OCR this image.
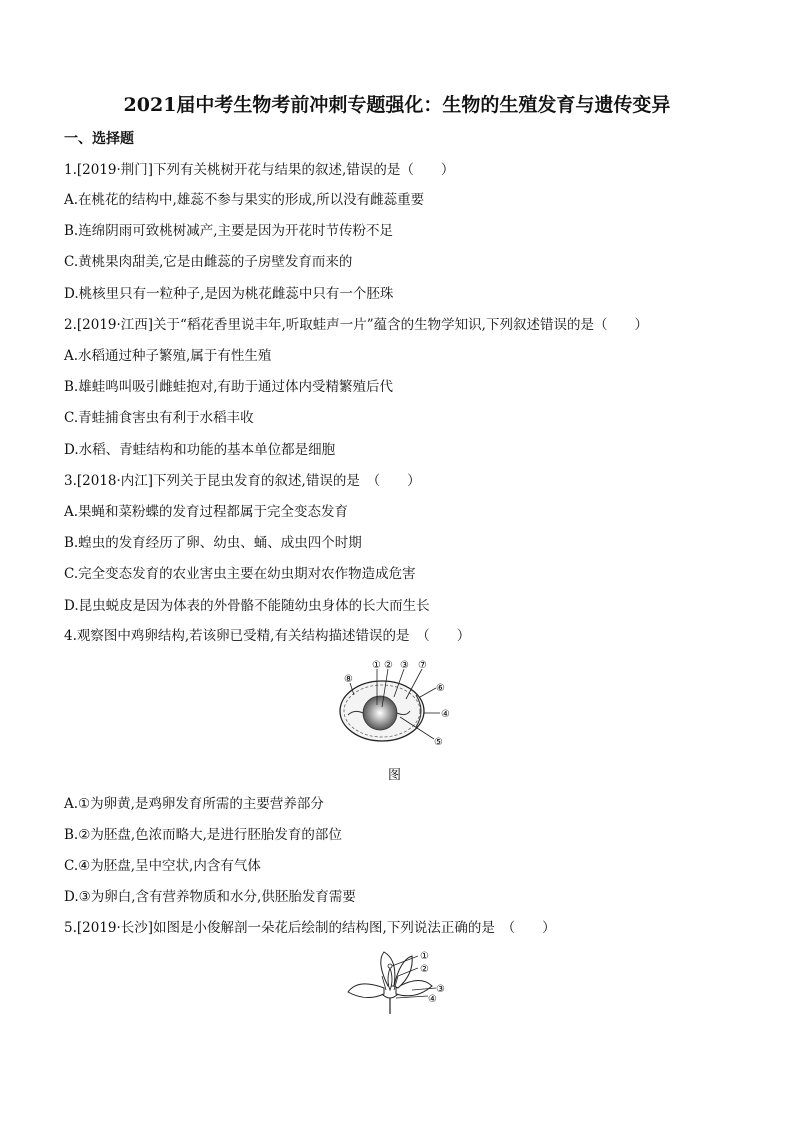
2021届中考生物考前冲刺专题强化：生物的生殖发育与遗传变异
一、选择题
1.[2019·荆门]下列有关桃树开花与结果的叙述,错误的是（　　）
A.在桃花的结构中,雄蕊不参与果实的形成,所以没有雌蕊重要
B.连绵阴雨可致桃树减产,主要是因为开花时节传粉不足
C.黄桃果肉甜美,它是由雌蕊的子房壁发育而来的
D.桃核里只有一粒种子,是因为桃花雌蕊中只有一个胚珠
2.[2019·江西]关于“稻花香里说丰年,听取蛙声一片”蕴含的生物学知识,下列叙述错误的是（　　）
A.水稻通过种子繁殖,属于有性生殖
B.雄蛙鸣叫吸引雌蛙抱对,有助于通过体内受精繁殖后代
C.青蛙捕食害虫有利于水稻丰收
D.水稻、青蛙结构和功能的基本单位都是细胞
3.[2018·内江]下列关于昆虫发育的叙述,错误的是　（　　）
A.果蝇和菜粉蝶的发育过程都属于完全变态发育
B.蝗虫的发育经历了卵、幼虫、蛹、成虫四个时期
C.完全变态发育的农业害虫主要在幼虫期对农作物造成危害
D.昆虫蜕皮是因为体表的外骨骼不能随幼虫身体的长大而生长
4.观察图中鸡卵结构,若该卵已受精,有关结构描述错误的是　（　　）
① ② ③ ⑦
⑧
⑥
④
⑤
图
A.①为卵黄,是鸡卵发育所需的主要营养部分
B.②为胚盘,色浓而略大,是进行胚胎发育的部位
C.④为胚盘,呈中空状,内含有气体
D.③为卵白,含有营养物质和水分,供胚胎发育需要
5.[2019·长沙]如图是小俊解剖一朵花后绘制的结构图,下列说法正确的是　（　　）
①
②
③
④
